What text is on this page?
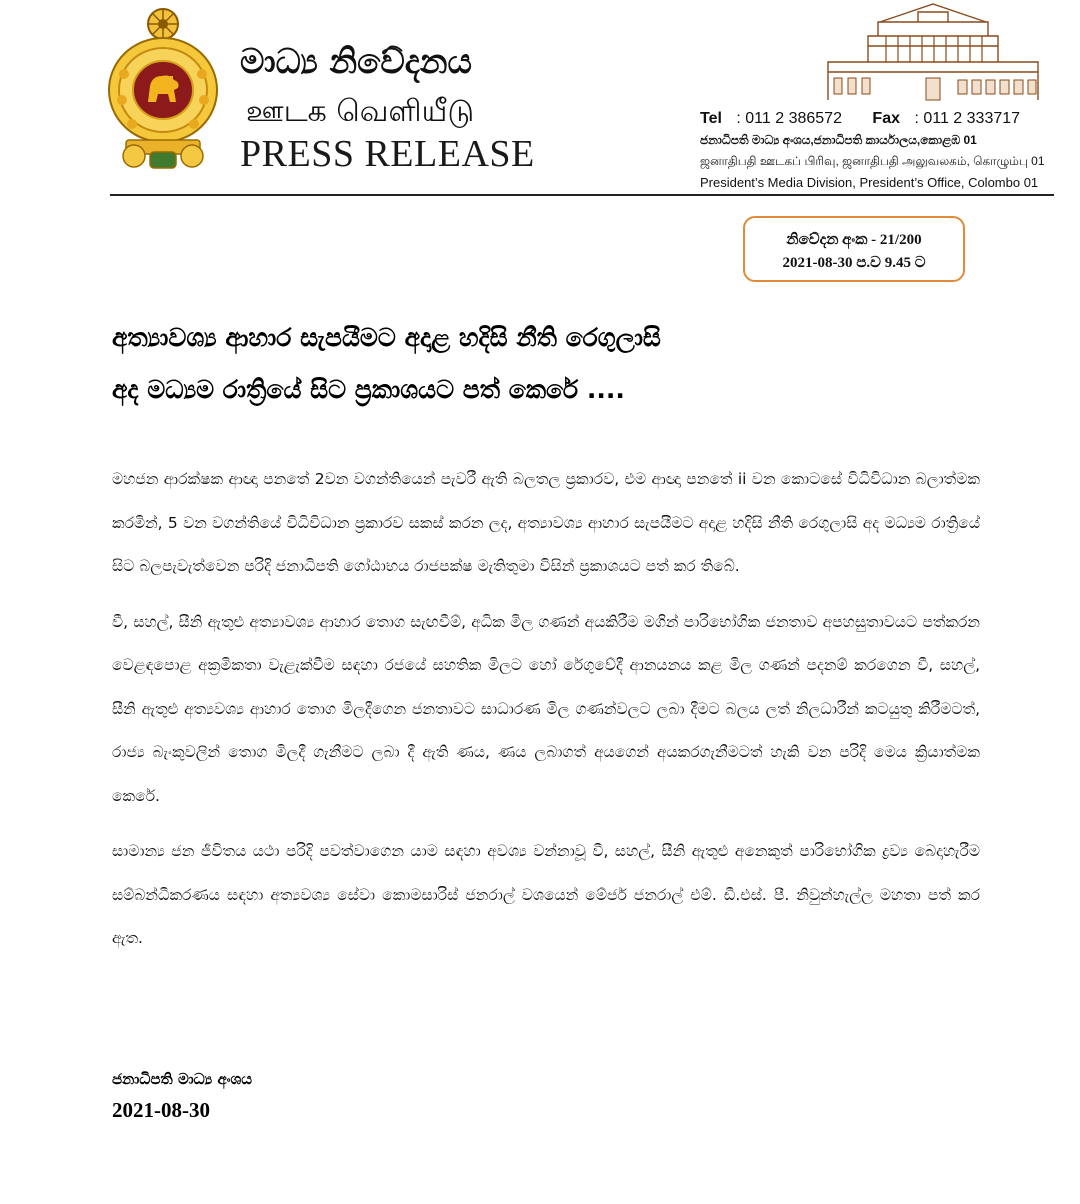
මාධ්‍ය නිවේදනය
ஊடக வெளியீடு
PRESS RELEASE
Tel : 011 2 386572 Fax : 011 2 333717
ජනාධිපති මාධ්‍ය අංශය,ජනාධිපති කාර්යාලය,කොළඹ 01
ஜனாதிபதி ஊடகப் பிரிவு, ஜனாதிபதி அலுவலகம், கொழும்பு 01
President’s Media Division, President’s Office, Colombo 01
නිවේදන අංක - 21/200
2021-08-30 ප.ව 9.45 ට
අත්‍යාවශ්‍ය ආහාර සැපයීමට අදාළ හදිසි නීති රෙගුලාසි
අද මධ්‍යම රාත්‍රියේ සිට ප්‍රකාශයට පත් කෙරේ ....

මහජන ආරක්ෂක ආඥා පනතේ 2වන වගන්තියෙන් පැවරී ඇති බලතල ප්‍රකාරව, එම ආඥා පනතේ ii වන කොටසේ විධිවිධාන බලාත්මක කරමින්, 5 වන වගන්තියේ විධිවිධාන ප්‍රකාරව සකස් කරන ලද, අත්‍යාවශ්‍ය ආහාර සැපයීමට අදාළ හදිසි නීති රෙගුලාසි අද මධ්‍යම රාත්‍රියේ සිට බලපැවැත්වෙන පරිදි ජනාධිපති ගෝඨාභය රාජපක්ෂ මැතිතුමා විසින් ප්‍රකාශයට පත් කර තිබේ.

වී, සහල්, සීනි ඇතුළු අත්‍යාවශ්‍ය ආහාර තොග සැඟවීම්, අධික මිල ගණන් අයකිරීම මගින් පාරිභෝගික ජනතාව අපහසුතාවයට පත්කරන වෙළඳපොළ අක්‍රමිකතා වැළැක්වීම සඳහා රජයේ සහතික මිලට හෝ රේගුවේදී ආනයනය කළ මිල ගණන් පදනම් කරගෙන වී, සහල්, සීනි ඇතුළු අත්‍යවශ්‍ය ආහාර තොග මිලදීගෙන ජනතාවට සාධාරණ මිල ගණන්වලට ලබා දීමට බලය ලත් නිලධාරීන් කටයුතු කිරීමටත්, රාජ්‍ය බැංකුවලින් තොග මිලදී ගැනීමට ලබා දී ඇති ණය, ණය ලබාගත් අයගෙන් අයකරගැනීමටත් හැකි වන පරිදි මෙය ක්‍රියාත්මක කෙරේ.

සාමාන්‍ය ජන ජීවිතය යථා පරිදි පවත්වාගෙන යාම සඳහා අවශ්‍ය වන්නාවූ වී, සහල්, සීනි ඇතුළු අනෙකුත් පාරිභෝගික ද්‍රව්‍ය බෙදාහැරීම සම්බන්ධීකරණය සඳහා අත්‍යවශ්‍ය සේවා කොමසාරිස් ජනරාල් වශයෙන් මේජර් ජනරාල් එම්. ඩී.එස්. පී. නිවුන්හැල්ල මහතා පත් කර ඇත.

ජනාධිපති මාධ්‍ය අංශය
2021-08-30
